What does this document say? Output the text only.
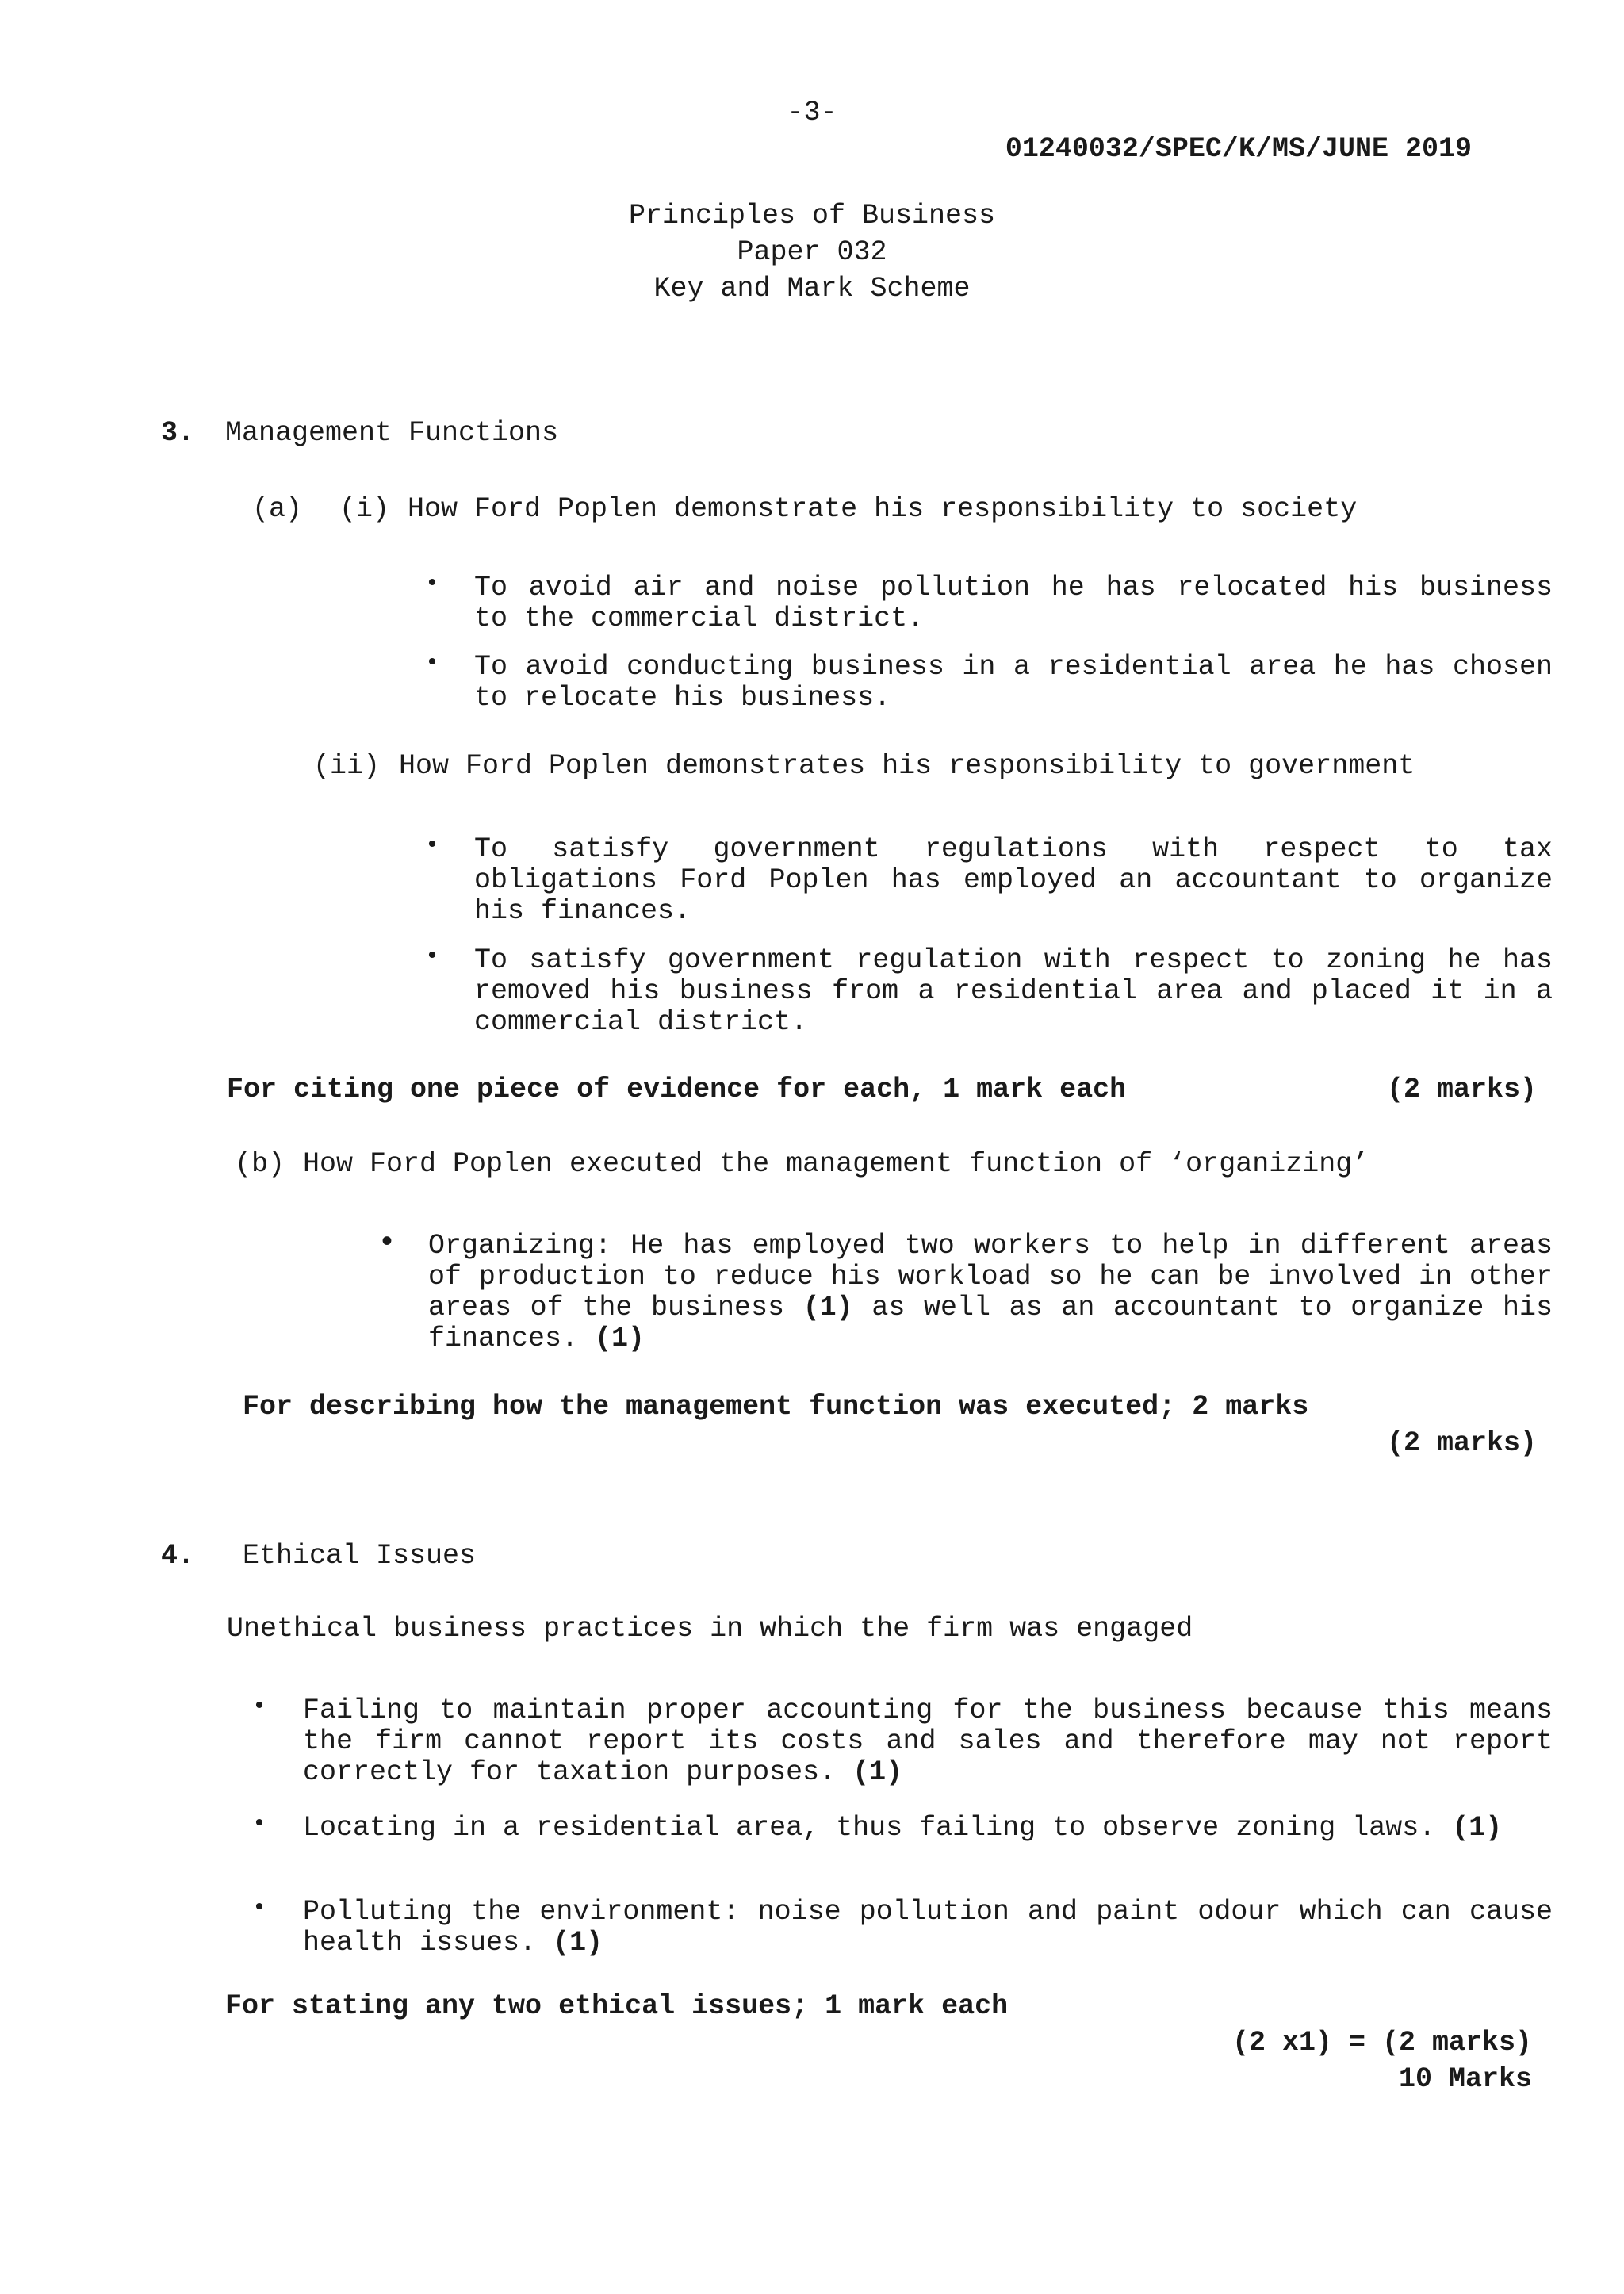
-3-
01240032/SPEC/K/MS/JUNE 2019
Principles of Business
Paper 032
Key and Mark Scheme
3. Management Functions
(a) (i) How Ford Poplen demonstrate his responsibility to society
• To avoid air and noise pollution he has relocated his business to the commercial district.
• To avoid conducting business in a residential area he has chosen to relocate his business.
(ii) How Ford Poplen demonstrates his responsibility to government
• To satisfy government regulations with respect to tax obligations Ford Poplen has employed an accountant to organize his finances.
• To satisfy government regulation with respect to zoning he has removed his business from a residential area and placed it in a commercial district.
For citing one piece of evidence for each, 1 mark each	(2 marks)
(b) How Ford Poplen executed the management function of ‘organizing’
• Organizing: He has employed two workers to help in different areas of production to reduce his workload so he can be involved in other areas of the business (1) as well as an accountant to organize his finances. (1)
For describing how the management function was executed; 2 marks
(2 marks)
4. Ethical Issues
Unethical business practices in which the firm was engaged
• Failing to maintain proper accounting for the business because this means the firm cannot report its costs and sales and therefore may not report correctly for taxation purposes. (1)
• Locating in a residential area, thus failing to observe zoning laws. (1)
• Polluting the environment: noise pollution and paint odour which can cause health issues. (1)
For stating any two ethical issues; 1 mark each
(2 x1) = (2 marks)
10 Marks
